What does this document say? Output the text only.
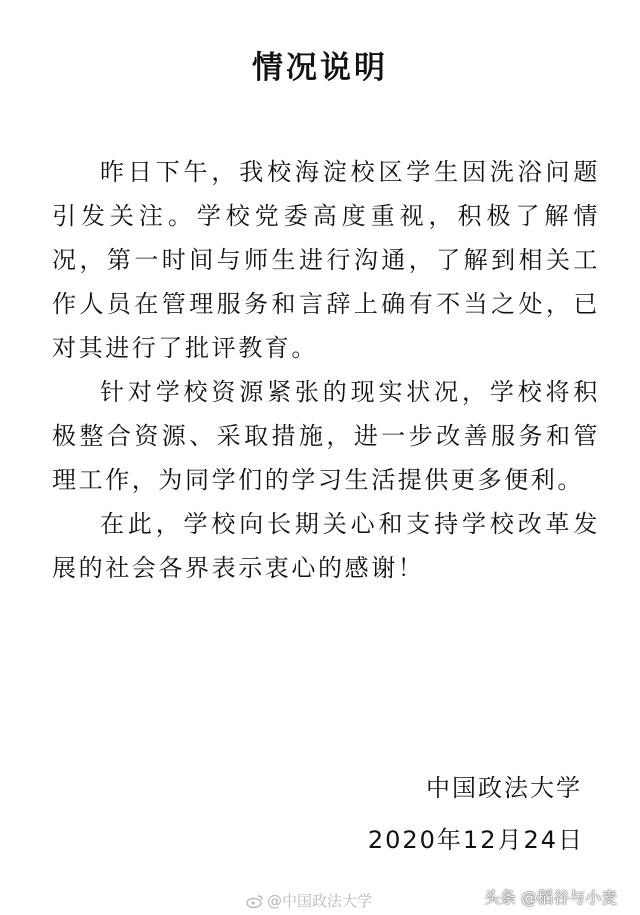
情况说明

昨日下午，我校海淀校区学生因洗浴问题引发关注。学校党委高度重视，积极了解情况，第一时间与师生进行沟通，了解到相关工作人员在管理服务和言辞上确有不当之处，已对其进行了批评教育。

针对学校资源紧张的现实状况，学校将积极整合资源、采取措施，进一步改善服务和管理工作，为同学们的学习生活提供更多便利。

在此，学校向长期关心和支持学校改革发展的社会各界表示衷心的感谢！

中国政法大学

2020年12月24日

@中国政法大学	头条 @稻谷与小麦
